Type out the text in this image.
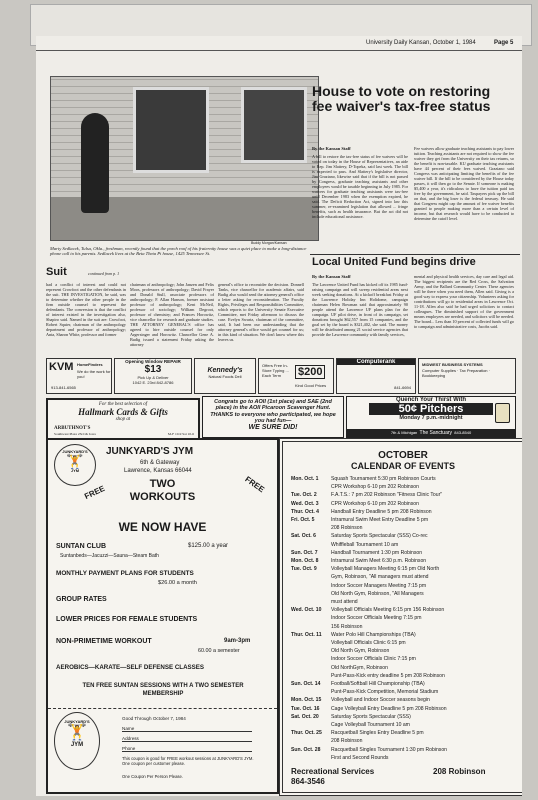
University Daily Kansan, October 1, 1984	Page 5
Buddy Morgan/Kansan
Marty Sedlacek, Tulsa, Okla., freshman, recently found that the porch roof of his fraternity house was a quiet place to make a long-distance phone call to his parents. Sedlacek lives at the Beta Theta Pi house, 1425 Tennessee St.
House to vote on restoring fee waiver's tax-free status
By the Kansan Staff
A bill to restore the tax-free status of fee waivers will be voted on today in the House of Representatives, an aide to Rep. Jim Slattery, D-Topeka, said last week. The bill is expected to pass. And Slattery's legislative director, Jim Graziano, likewise said that if the bill is not passed by Congress, graduate teaching assistants and other employees would be taxable beginning in July 1985. For waivers for graduate teaching assistants were tax-free until December 1983 when the exemption expired, he said. The Deficit Reduction Act, signed into law this summer, re-examined legislation that allowed ... fringe benefits, such as health insurance. But the act did not include educational assistance.
Fee waivers allow graduate teaching assistants to pay lower tuition. Teaching assistants are not required to show the fee waiver they get from the University on their tax returns, so the benefit is non-taxable. KU graduate teaching assistants have 44 percent of their fees waived. Graziano said Congress was anticipating limiting the benefits of the fee waiver bill. If the bill to be considered by the House today passes, it will then go to the Senate. If someone is making $5,400 a year, it's ridiculous to have the tuition paid tax free by the government, he said. Taxpayers pick up the bill on that, and the big loser is the federal treasury. He said that Congress might cap the amount of fee waiver benefits granted to people making more than a certain level of income, but that research would have to be conducted to determine the cutoff level.
Local United Fund begins drive
By the Kansan Staff
The Lawrence United Fund has kicked off its 1985 fund-raising campaign and will sweep residential areas next week seeking donations. At a kickoff breakfast Friday at the Lawrence Holiday Inn Holidome, campaign chairman Helen Bowman said that approximately 90 people attend the Lawrence UF plans plan for the campaign. UF pilot drive, in front of its campaign, set donations brought $62,557 from 15 companies, and the goal set by the board is $321,402, she said. The money will be distributed among 21 social service agencies that provide the Lawrence community with family services,
mental and physical health services, day care and legal aid. The biggest recipients are the Red Cross, the Salvation Army, and the Ballard Community Center. These agencies will be there when you need them, Allen said. Giving is a good way to express your citizenship. Volunteers asking for contributions will go to residential areas in Lawrence Oct. 11-18. Allen also said he had urged solicitors to contact colleagues. The diminished support of the government means employees are needed, and solicitors will be needed. The board... Less than 10 percent of collected funds will go to campaign and administrative costs, Jacobs said.
Suit	continued from p. 1
had a conflict of interest and could not represent Crowfoot and the other defendants in the suit. THE INVESTIGATION, he said, was to determine whether the other people in the firm outside counsel to represent the defendants. The conversion is that the conflict of interest existed in the investigation also, Shapiro said. Named in the suit are: Crowfoot, Robert Squier, chairman of the anthropology department and professor of anthropology; Anta, Sharon White, professor and former
chairman of anthropology; John Janzen and Felix Moos, professors of anthropology; David Frayer and Donald Stull, associate professors of anthropology; F. Allan Hanson, former assistant professor of anthropology; Kent McNeil, professor of sociology; William Degroot, professor of chemistry; and Frances Horowitz, vice chancellor for research and graduate studies. THE ATTORNEY GENERAL'S office has agreed to hire outside counsel for only Argersinger and Horowitz. Chancellor Gene A. Budig issued a statement Friday asking the attorney
general's office to reconsider the decision. Donnell Tanks, vice chancellor for academic affairs, said Budig also would send the attorney general's office a letter asking for reconsideration. The Faculty Rights, Privileges and Responsibilities Committee, which reports to the University Senate Executive Committee, met Friday afternoon to discuss the case. Evelyn Swartz, chairman of the committee, said, It had been our understanding that the attorney general's office would get counsel for us; in this kind of situation. We don't know where this leaves us.
KVM HomeFinders
We do the work for you!
913-841-6565
Opening Window REPAIR
$13
Pick Up & Deliver
1042 E. 23rd 842-8786
Kennedy's
Natural Foods Deli
Offers Free In-Store Typing ... Each Term	$200
Kind Good Prices
Computerank
841-6694
MIDWEST BUSINESS SYSTEMS
Computer Supplies · Tax Preparation · Bookkeeping
For the best selection of
Hallmark Cards & Gifts
shop at
ARBUTHNOT'S
Southwest Plaza 23rd & Iowa	M-F 10-9 Sat 10-6
Congrats go to AOII (1st place) and SAE (2nd place) in the AOII Picaroon Scavenger Hunt. THANKS to everyone who participated, we hope you had fun—
WE SURE DID!
Quench Your Thirst With
50¢ Pitchers
Monday 7 p.m.-midnight
7th & Michigan The Sanctuary 843-8540
JUNKYARD'S
🏋
JYM
JUNKYARD'S JYM
6th & Gateway
Lawrence, Kansas 66044
FREE	FREE
TWO
WORKOUTS
WE NOW HAVE
SUNTAN CLUB	$125.00 a year
Suntanbeds—Jacuzzi—Sauna—Steam Bath
MONTHLY PAYMENT PLANS FOR STUDENTS
$26.00 a month
GROUP RATES
LOWER PRICES FOR FEMALE STUDENTS
NON-PRIMETIME WORKOUT	9am-3pm
60.00 a semester
AEROBICS—KARATE—SELF DEFENSE CLASSES
TEN FREE SUNTAN SESSIONS WITH A TWO SEMESTER MEMBERSHIP
JUNKYARD'S
🏋
JYM
Good Through October 7, 1984
Name
Address
Phone
This coupon is good for FREE workout sessions at JUNKYARD'S JYM. One coupon per customer please.
One Coupon Per Person Please.
OCTOBER
CALENDAR OF EVENTS
Mon. Oct. 1 Squash Tournament 5:30 pm Robinson Courts
CPR Workshop 6-10 pm 202 Robinson
Tue. Oct. 2	F.A.T.S.: 7 pm 202 Robinson "Fitness Clinic Tour"
Wed. Oct. 3 CPR Workshop 6-10 pm 202 Robinson
Thur. Oct. 4 Handball Entry Deadline 5 pm 208 Robinson
Fri. Oct. 5	Intramural Swim Meet Entry Deadline 5 pm
208 Robinson
Sat. Oct. 6	Saturday Sports Spectacular (SSS) Co-rec
Whiffleball Tournament 10 am
Sun. Oct. 7	Handball Tournament 1:30 pm Robinson
Mon. Oct. 8 Intramural Swim Meet 6:30 p.m. Robinson
Tue. Oct. 9	Volleyball Managers Meeting 6:15 pm Old North
Gym, Robinson, "All managers must attend
Indoor Soccer Managers Meeting 7:15 pm
Old North Gym, Robinson, "All Managers
must attend
Wed. Oct. 10 Volleyball Officials Meeting 6:15 pm 156 Robinson
Indoor Soccer Officials Meeting 7:15 pm
156 Robinson
Thur. Oct. 11 Water Polo Hill Championships (TBA)
Volleyball Officials Clinic 6:15 pm
Old North Gym, Robinson
Indoor Soccer Officials Clinic 7:15 pm
Old NorthGym, Robinson
Punt-Pass-Kick entry deadline 5 pm 208 Robinson
Sun. Oct. 14 Football/Softball Hill Championship (TBA)
Punt-Pass-Kick Competition, Memorial Stadium
Mon. Oct. 15 Volleyball and Indoor Soccer seasons begin
Tue. Oct. 16 Cage Volleyball Entry Deadline 5 pm 208 Robinson
Sat. Oct. 20 Saturday Sports Spectacular (SSS)
Cage Volleyball Tournament 10 am
Thur. Oct. 25 Racquetball Singles Entry Deadline 5 pm
208 Robinson
Sun. Oct. 28 Racquetball Singles Tournament 1:30 pm Robinson
First and Second Rounds
Recreational Services	208 Robinson
864-3546
